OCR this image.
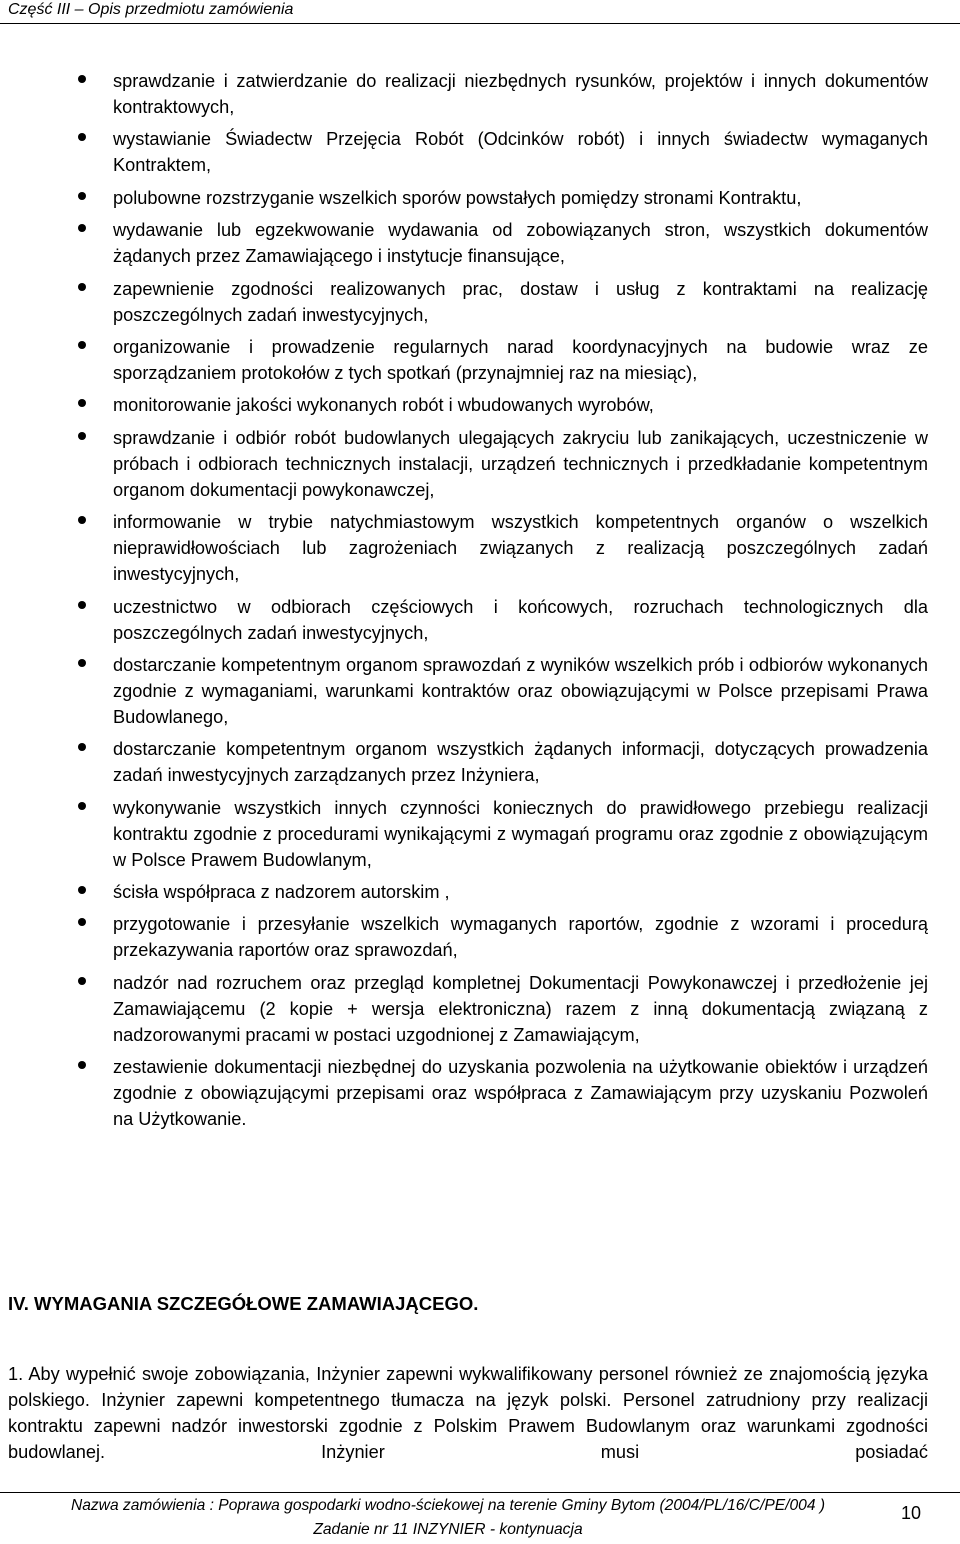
Część III – Opis przedmiotu zamówienia
sprawdzanie i zatwierdzanie do realizacji niezbędnych rysunków, projektów i innych dokumentów kontraktowych,
wystawianie Świadectw Przejęcia Robót (Odcinków robót) i innych świadectw wymaganych Kontraktem,
polubowne rozstrzyganie wszelkich sporów powstałych pomiędzy stronami Kontraktu,
wydawanie lub egzekwowanie wydawania od zobowiązanych stron, wszystkich dokumentów żądanych przez Zamawiającego i instytucje finansujące,
zapewnienie zgodności realizowanych prac, dostaw i usług z kontraktami na realizację poszczególnych zadań inwestycyjnych,
organizowanie i prowadzenie regularnych narad koordynacyjnych na budowie wraz ze sporządzaniem protokołów z tych spotkań (przynajmniej raz na miesiąc),
monitorowanie jakości wykonanych robót i wbudowanych wyrobów,
sprawdzanie i odbiór robót budowlanych ulegających zakryciu lub zanikających, uczestniczenie w próbach i odbiorach technicznych instalacji, urządzeń technicznych i przedkładanie kompetentnym organom dokumentacji powykonawczej,
informowanie w trybie natychmiastowym wszystkich kompetentnych organów o wszelkich nieprawidłowościach lub zagrożeniach związanych z realizacją poszczególnych zadań inwestycyjnych,
uczestnictwo w odbiorach częściowych i końcowych, rozruchach technologicznych dla poszczególnych zadań inwestycyjnych,
dostarczanie kompetentnym organom sprawozdań z wyników wszelkich prób i odbiorów wykonanych zgodnie z wymaganiami, warunkami kontraktów oraz obowiązującymi w Polsce przepisami Prawa Budowlanego,
dostarczanie kompetentnym organom wszystkich żądanych informacji, dotyczących prowadzenia zadań inwestycyjnych zarządzanych przez Inżyniera,
wykonywanie wszystkich innych czynności koniecznych do prawidłowego przebiegu realizacji kontraktu zgodnie z procedurami wynikającymi z wymagań programu oraz zgodnie z obowiązującym w Polsce Prawem Budowlanym,
ścisła współpraca z nadzorem autorskim ,
przygotowanie i przesyłanie wszelkich wymaganych raportów, zgodnie z wzorami i procedurą przekazywania raportów oraz sprawozdań,
nadzór nad rozruchem oraz przegląd kompletnej Dokumentacji Powykonawczej i przedłożenie jej Zamawiającemu (2 kopie + wersja elektroniczna) razem z inną dokumentacją związaną z nadzorowanymi pracami w postaci uzgodnionej z Zamawiającym,
zestawienie dokumentacji niezbędnej do uzyskania pozwolenia na użytkowanie obiektów i urządzeń zgodnie z obowiązującymi przepisami oraz współpraca z Zamawiającym przy uzyskaniu Pozwoleń na Użytkowanie.
IV. WYMAGANIA SZCZEGÓŁOWE ZAMAWIAJĄCEGO.

1. Aby wypełnić swoje zobowiązania, Inżynier zapewni wykwalifikowany personel również ze znajomością języka polskiego. Inżynier zapewni kompetentnego tłumacza na język polski. Personel zatrudniony przy realizacji kontraktu zapewni nadzór inwestorski zgodnie z Polskim Prawem Budowlanym oraz warunkami zgodności budowlanej. Inżynier musi posiadać

Nazwa zamówienia : Poprawa gospodarki wodno-ściekowej na terenie Gminy Bytom (2004/PL/16/C/PE/004 )
Zadanie nr 11 INZYNIER - kontynuacja
10
